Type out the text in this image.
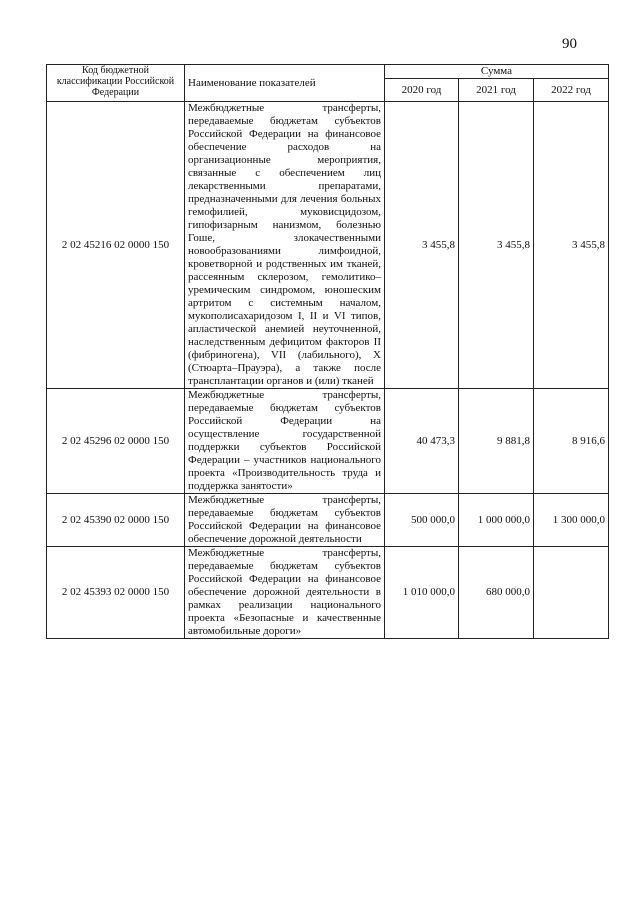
90
Код бюджетной классификации Российской Федерации	Наименование показателей	Сумма		
		2020 год	2021 год	2022 год
2 02 45216 02 0000 150	Межбюджетные трансферты, передаваемые бюджетам субъектов Российской Федерации на финансовое обеспечение расходов на организационные мероприятия, связанные с обеспечением лиц лекарственными препаратами, предназначенными для лечения больных гемофилией, муковисцидозом, гипофизарным нанизмом, болезнью Гоше, злокачественными новообразованиями лимфоидной, кроветворной и родственных им тканей, рассеянным склерозом, гемолитико–уремическим синдромом, юношеским артритом с системным началом, мукополисахаридозом I, II и VI типов, апластической анемией неуточненной, наследственным дефицитом факторов II (фибриногена), VII (лабильного), X (Стюарта–Прауэра), а также после трансплантации органов и (или) тканей	3 455,8	3 455,8	3 455,8
2 02 45296 02 0000 150	Межбюджетные трансферты, передаваемые бюджетам субъектов Российской Федерации на осуществление государственной поддержки субъектов Российской Федерации – участников национального проекта «Производительность труда и поддержка занятости»	40 473,3	9 881,8	8 916,6
2 02 45390 02 0000 150	Межбюджетные трансферты, передаваемые бюджетам субъектов Российской Федерации на финансовое обеспечение дорожной деятельности	500 000,0	1 000 000,0	1 300 000,0
2 02 45393 02 0000 150	Межбюджетные трансферты, передаваемые бюджетам субъектов Российской Федерации на финансовое обеспечение дорожной деятельности в рамках реализации национального проекта «Безопасные и качественные автомобильные дороги»	1 010 000,0	680 000,0	
